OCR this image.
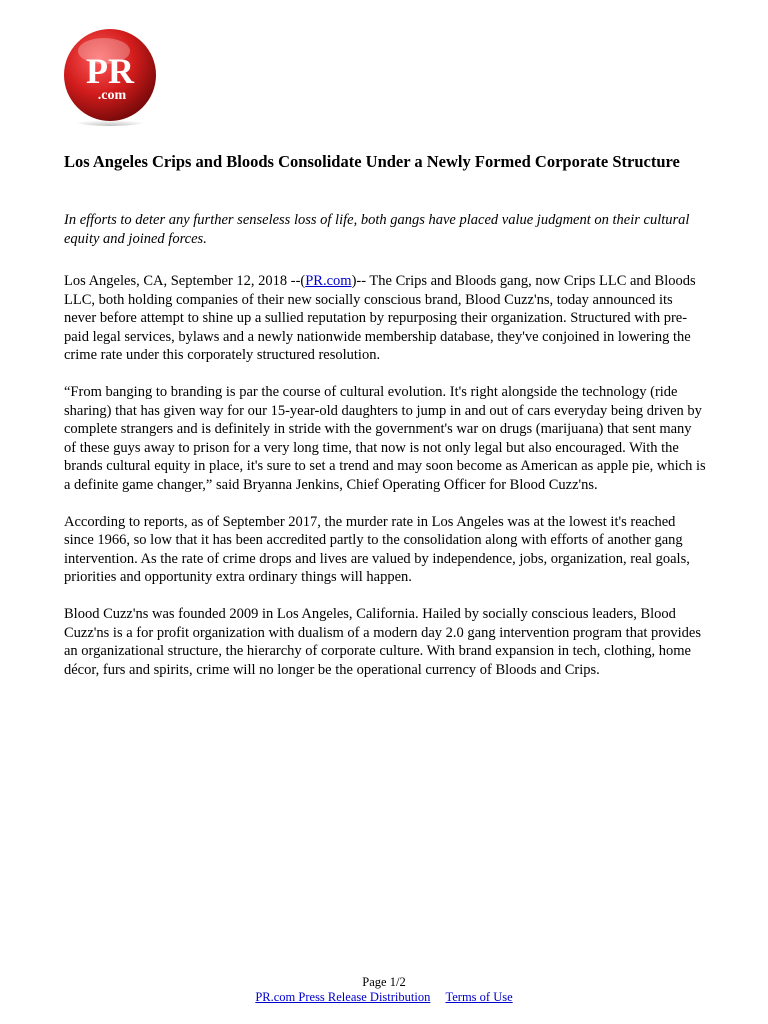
PR
.com
Los Angeles Crips and Bloods Consolidate Under a Newly Formed Corporate Structure

In efforts to deter any further senseless loss of life, both gangs have placed value judgment on their cultural equity and joined forces.

Los Angeles, CA, September 12, 2018 --(PR.com)-- The Crips and Bloods gang, now Crips LLC and Bloods LLC, both holding companies of their new socially conscious brand, Blood Cuzz'ns, today announced its never before attempt to shine up a sullied reputation by repurposing their organization. Structured with pre-paid legal services, bylaws and a newly nationwide membership database, they've conjoined in lowering the crime rate under this corporately structured resolution.

“From banging to branding is par the course of cultural evolution. It's right alongside the technology (ride sharing) that has given way for our 15-year-old daughters to jump in and out of cars everyday being driven by complete strangers and is definitely in stride with the government's war on drugs (marijuana) that sent many of these guys away to prison for a very long time, that now is not only legal but also encouraged. With the brands cultural equity in place, it's sure to set a trend and may soon become as American as apple pie, which is a definite game changer,” said Bryanna Jenkins, Chief Operating Officer for Blood Cuzz'ns.

According to reports, as of September 2017, the murder rate in Los Angeles was at the lowest it's reached since 1966, so low that it has been accredited partly to the consolidation along with efforts of another gang intervention. As the rate of crime drops and lives are valued by independence, jobs, organization, real goals, priorities and opportunity extra ordinary things will happen.

Blood Cuzz'ns was founded 2009 in Los Angeles, California. Hailed by socially conscious leaders, Blood Cuzz'ns is a for profit organization with dualism of a modern day 2.0 gang intervention program that provides an organizational structure, the hierarchy of corporate culture. With brand expansion in tech, clothing, home décor, furs and spirits, crime will no longer be the operational currency of Bloods and Crips.

Page 1/2
PR.com Press Release Distribution Terms of Use
